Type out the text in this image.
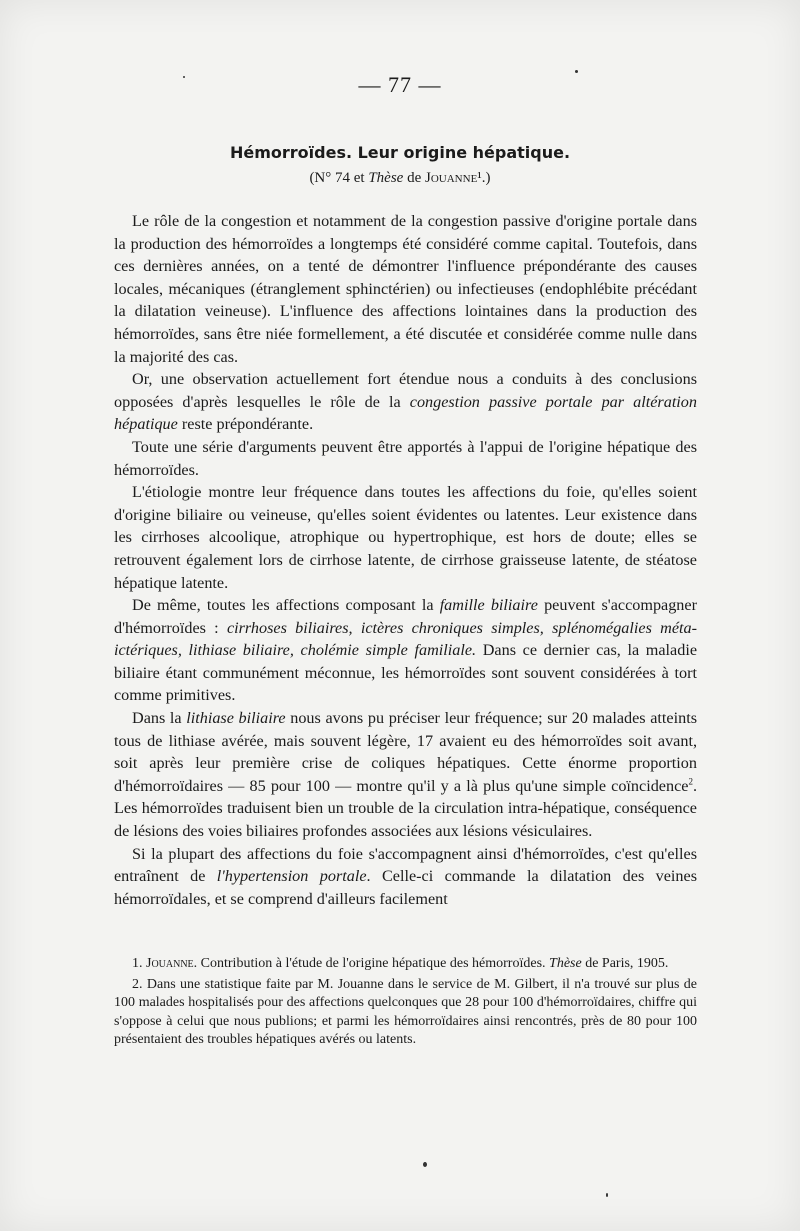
— 77 —
Hémorroïdes. Leur origine hépatique.
(N° 74 et Thèse de Jouanne¹.)

Le rôle de la congestion et notamment de la congestion passive d'origine portale dans la production des hémorroïdes a longtemps été considéré comme capital. Toutefois, dans ces dernières années, on a tenté de démontrer l'influence prépondérante des causes locales, mécaniques (étranglement sphinctérien) ou infectieuses (endophlébite précédant la dilatation veineuse). L'influence des affections lointaines dans la production des hémorroïdes, sans être niée formellement, a été discutée et considérée comme nulle dans la majorité des cas.

Or, une observation actuellement fort étendue nous a conduits à des conclusions opposées d'après lesquelles le rôle de la congestion passive portale par altération hépatique reste prépondérante.

Toute une série d'arguments peuvent être apportés à l'appui de l'origine hépatique des hémorroïdes.

L'étiologie montre leur fréquence dans toutes les affections du foie, qu'elles soient d'origine biliaire ou veineuse, qu'elles soient évidentes ou latentes. Leur existence dans les cirrhoses alcoolique, atrophique ou hypertrophique, est hors de doute; elles se retrouvent également lors de cirrhose latente, de cirrhose graisseuse latente, de stéatose hépatique latente.

De même, toutes les affections composant la famille biliaire peuvent s'accompagner d'hémorroïdes : cirrhoses biliaires, ictères chroniques simples, splénomégalies méta-ictériques, lithiase biliaire, cholémie simple familiale. Dans ce dernier cas, la maladie biliaire étant communément méconnue, les hémorroïdes sont souvent considérées à tort comme primitives.

Dans la lithiase biliaire nous avons pu préciser leur fréquence; sur 20 malades atteints tous de lithiase avérée, mais souvent légère, 17 avaient eu des hémorroïdes soit avant, soit après leur première crise de coliques hépatiques. Cette énorme proportion d'hémorroïdaires — 85 pour 100 — montre qu'il y a là plus qu'une simple coïncidence$^2$. Les hémorroïdes traduisent bien un trouble de la circulation intra-hépatique, conséquence de lésions des voies biliaires profondes associées aux lésions vésiculaires.

Si la plupart des affections du foie s'accompagnent ainsi d'hémorroïdes, c'est qu'elles entraînent de l'hypertension portale. Celle-ci commande la dilatation des veines hémorroïdales, et se comprend d'ailleurs facilement

1. Jouanne. Contribution à l'étude de l'origine hépatique des hémorroïdes. Thèse de Paris, 1905.

2. Dans une statistique faite par M. Jouanne dans le service de M. Gilbert, il n'a trouvé sur plus de 100 malades hospitalisés pour des affections quelconques que 28 pour 100 d'hémorroïdaires, chiffre qui s'oppose à celui que nous publions; et parmi les hémorroïdaires ainsi rencontrés, près de 80 pour 100 présentaient des troubles hépatiques avérés ou latents.
